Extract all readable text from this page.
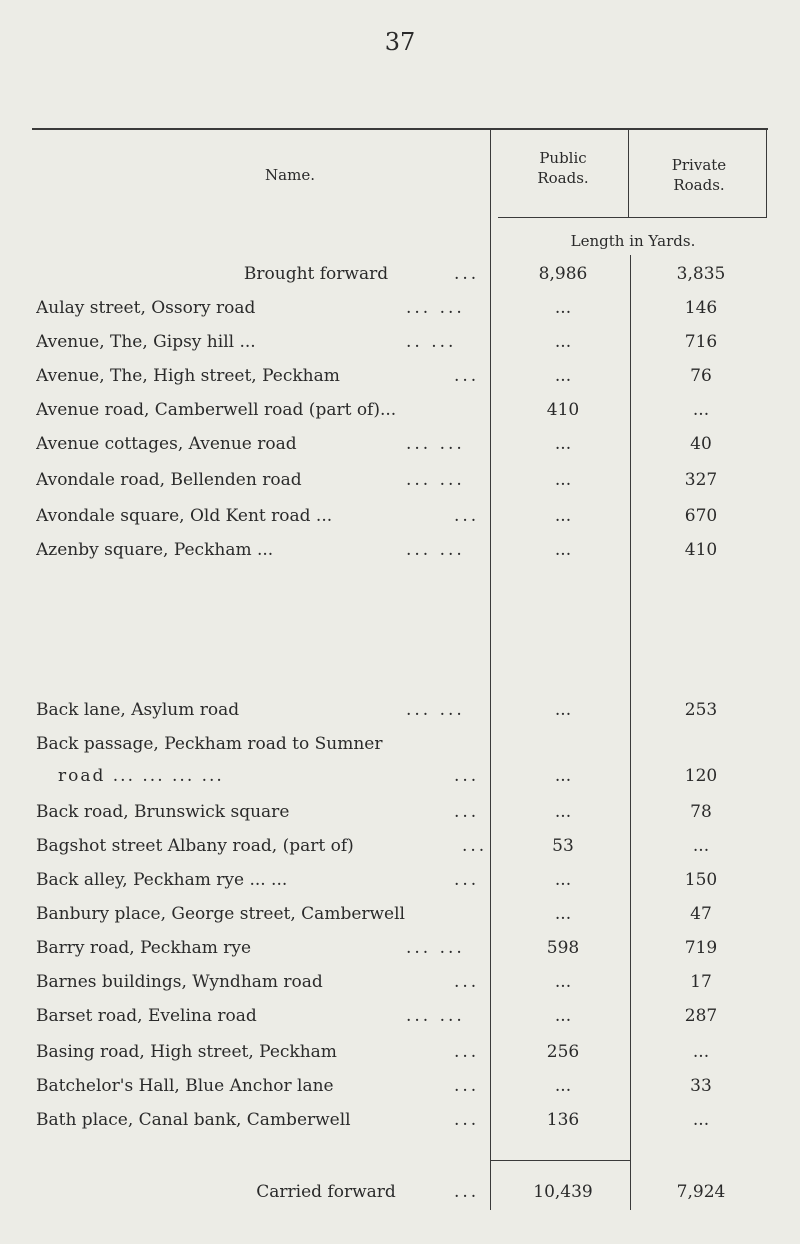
37
Name.
Public
Roads.
Private
Roads.
Length in Yards.
Brought forward	...	8,986	3,835
Aulay street, Ossory road	... ...	...	146
Avenue, The, Gipsy hill ...	.. ...	...	716
Avenue, The, High street, Peckham	...	...	76
Avenue road, Camberwell road (part of)...	410	...
Avenue cottages, Avenue road	... ...	...	40
Avondale road, Bellenden road	... ...	...	327
Avondale square, Old Kent road ...	...	...	670
Azenby square, Peckham ...	... ...	...	410
Back lane, Asylum road	... ...	...	253
Back passage, Peckham road to Sumner
road ... ... ... ...	...	...	120
Back road, Brunswick square	...	...	78
Bagshot street Albany road, (part of)	...	53	...
Back alley, Peckham rye ... ...	...	...	150
Banbury place, George street, Camberwell	...	47
Barry road, Peckham rye	... ...	598	719
Barnes buildings, Wyndham road	...	...	17
Barset road, Evelina road	... ...	...	287
Basing road, High street, Peckham	...	256	...
Batchelor's Hall, Blue Anchor lane	...	...	33
Bath place, Canal bank, Camberwell	...	136	...
Carried forward	...	10,439	7,924
